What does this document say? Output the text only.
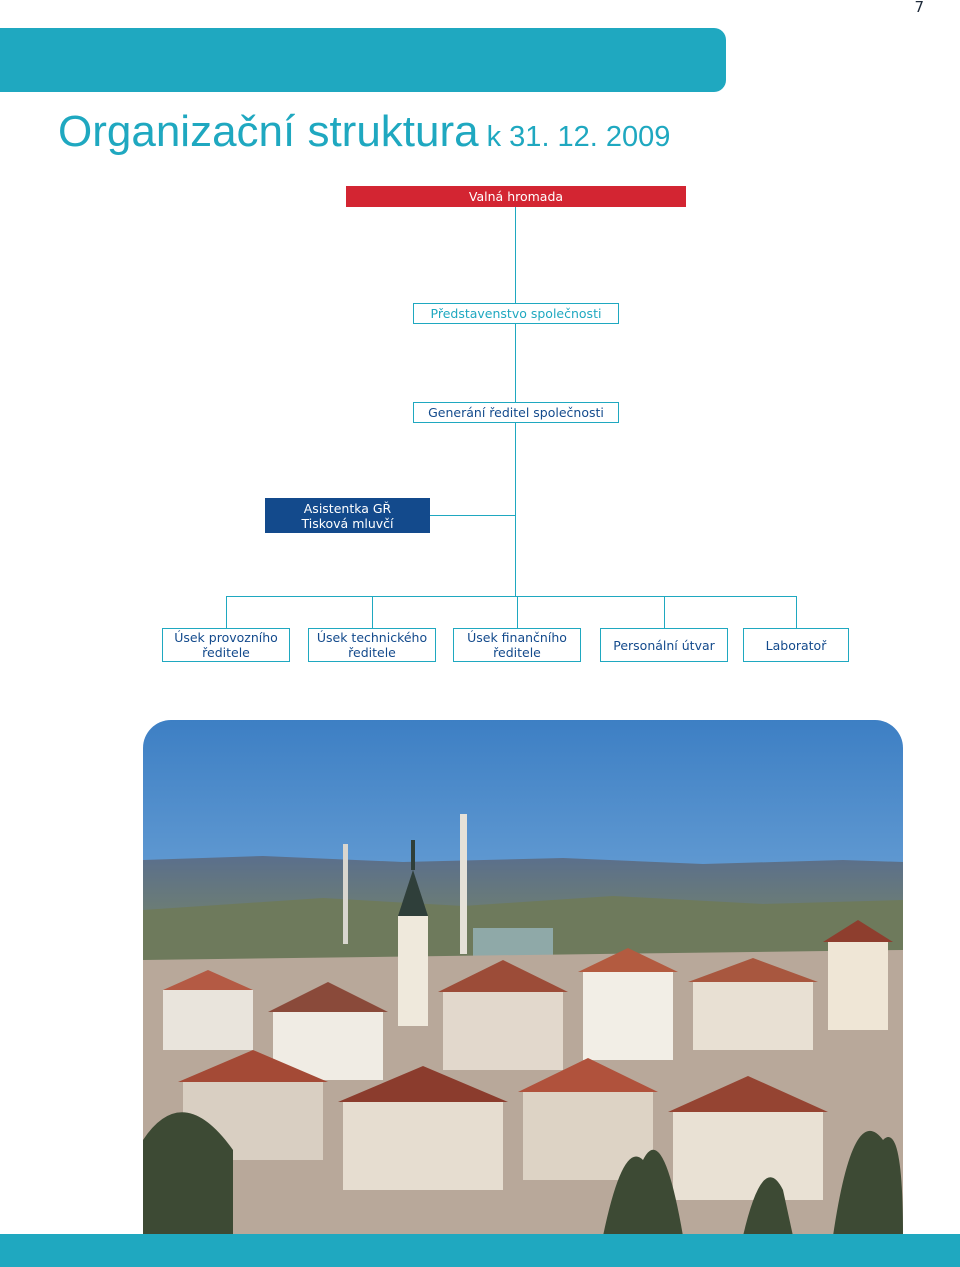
7
Organizační struktura k 31. 12. 2009
Valná hromada
Představenstvo společnosti
Generání ředitel společnosti
Asistentka GŘ
Tisková mluvčí
Úsek provozního
ředitele
Úsek technického
ředitele
Úsek finančního
ředitele	Personální útvar	Laboratoř
